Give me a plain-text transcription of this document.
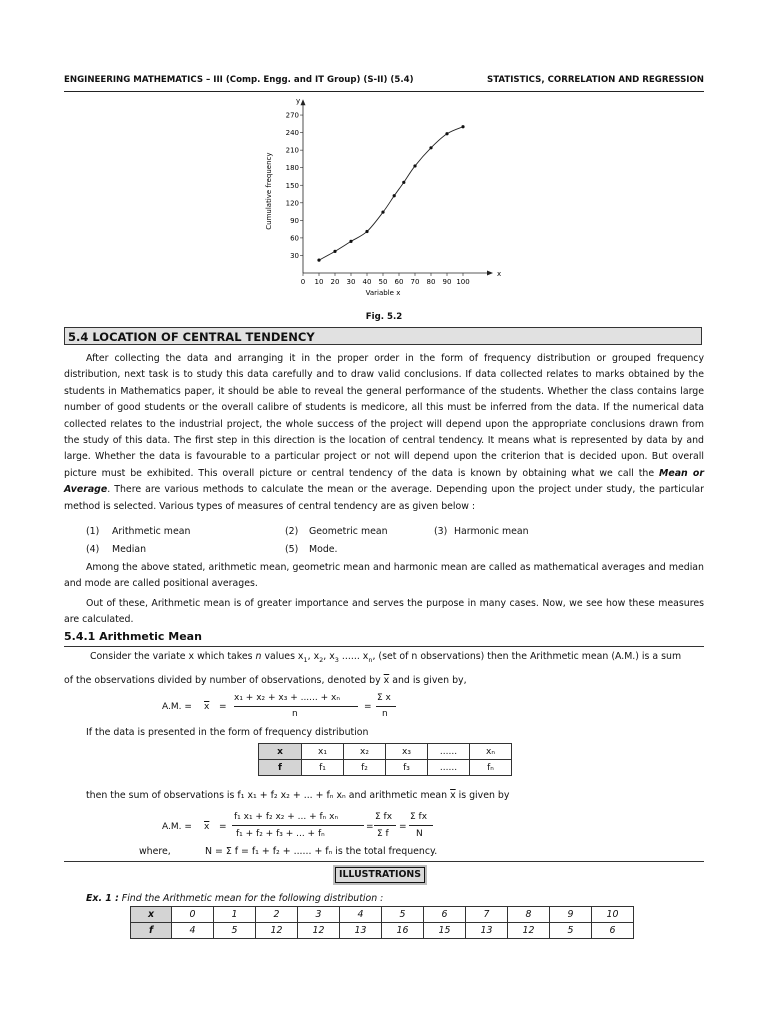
ENGINEERING MATHEMATICS – III (Comp. Engg. and IT Group) (S-II) (5.4)	STATISTICS, CORRELATION AND REGRESSION
x
y
0 10 20 30 40 50 60 70 80 90 100
30
60
90
120
150
180
210
240
270
Variable x
Cumulative frequency
Fig. 5.2
5.4 LOCATION OF CENTRAL TENDENCY

After collecting the data and arranging it in the proper order in the form of frequency distribution or grouped frequency distribution, next task is to study this data carefully and to draw valid conclusions. If data collected relates to marks obtained by the students in Mathematics paper, it should be able to reveal the general performance of the students. Whether the class contains large number of good students or the overall calibre of students is medicore, all this must be inferred from the data. If the numerical data collected relates to the industrial project, the whole success of the project will depend upon the appropriate conclusions drawn from the study of this data. The first step in this direction is the location of central tendency. It means what is represented by data by and large. Whether the data is favourable to a particular project or not will depend upon the criterion that is decided upon. But overall picture must be exhibited. This overall picture or central tendency of the data is known by obtaining what we call the Mean or Average. There are various methods to calculate the mean or the average. Depending upon the project under study, the particular method is selected. Various types of measures of central tendency are as given below :

(1) Arithmetic mean	(2) Geometric mean	(3) Harmonic mean
(4) Median	(5) Mode.

Among the above stated, arithmetic mean, geometric mean and harmonic mean are called as mathematical averages and median and mode are called positional averages.

Out of these, Arithmetic mean is of greater importance and serves the purpose in many cases. Now, we see how these measures are calculated.

5.4.1 Arithmetic Mean
Consider the variate x which takes n values $x_1$, $x_2$, $x_3$ ...... $x_n$, (set of n observations) then the Arithmetic mean (A.M.) is a sum
of the observations divided by number of observations, denoted by $\overline{x}$ and is given by,
A.M. = $\overline{x}$ =
x₁ + x₂ + x₃ + ...... + xₙ
n
=
Σ x
n
If the data is presented in the form of frequency distribution
x	x₁	x₂	x₃	......	xₙ
f	f₁	f₂	f₃	......	fₙ
then the sum of observations is f₁ x₁ + f₂ x₂ + ... + fₙ xₙ and arithmetic mean $\overline{x}$ is given by
A.M. = $\overline{x}$ =
f₁ x₁ + f₂ x₂ + ... + fₙ xₙ
f₁ + f₂ + f₃ + ... + fₙ
=
Σ fx
Σ f
=
Σ fx
N
where,	N = Σ f = f₁ + f₂ + ...... + fₙ is the total frequency.
ILLUSTRATIONS
Ex. 1 : Find the Arithmetic mean for the following distribution :
x	0	1	2	3	4	5	6	7	8	9	10
f	4	5	12	12	13	16	15	13	12	5	6
